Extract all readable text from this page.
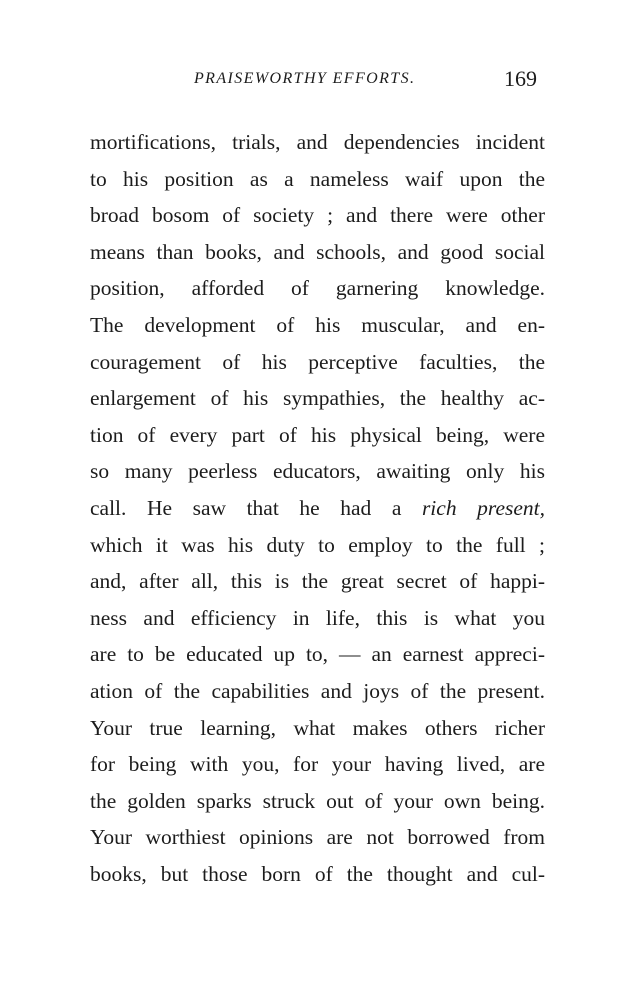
PRAISEWORTHY EFFORTS.	169
mortifications, trials, and dependencies incident
to his position as a nameless waif upon the
broad bosom of society ; and there were other
means than books, and schools, and good social
position, afforded of garnering knowledge.
The development of his muscular, and en-
couragement of his perceptive faculties, the
enlargement of his sympathies, the healthy ac-
tion of every part of his physical being, were
so many peerless educators, awaiting only his
call. He saw that he had a rich present,
which it was his duty to employ to the full ;
and, after all, this is the great secret of happi-
ness and efficiency in life, this is what you
are to be educated up to, — an earnest appreci-
ation of the capabilities and joys of the present.
Your true learning, what makes others richer
for being with you, for your having lived, are
the golden sparks struck out of your own being.
Your worthiest opinions are not borrowed from
books, but those born of the thought and cul-
